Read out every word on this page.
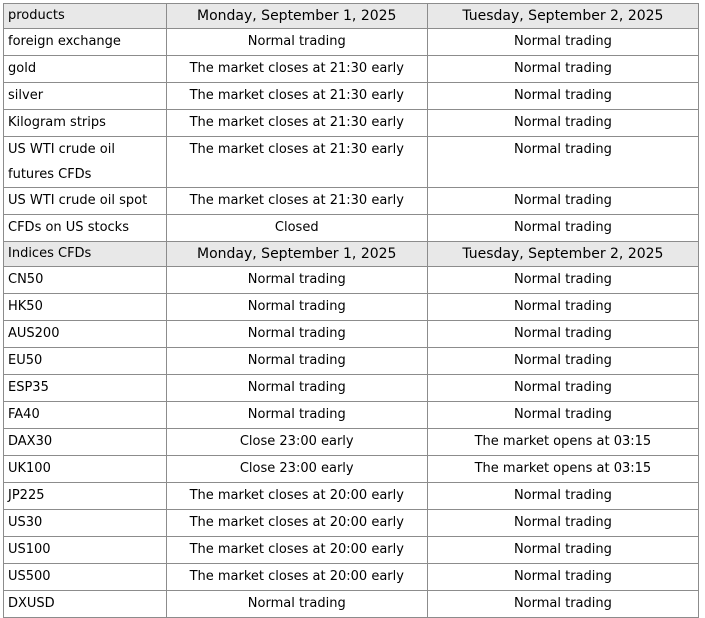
products	Monday, September 1, 2025	Tuesday, September 2, 2025
foreign exchange	Normal trading	Normal trading
gold	The market closes at 21:30 early	Normal trading
silver	The market closes at 21:30 early	Normal trading
Kilogram strips	The market closes at 21:30 early	Normal trading
US WTI crude oil futures CFDs	The market closes at 21:30 early	Normal trading
US WTI crude oil spot	The market closes at 21:30 early	Normal trading
CFDs on US stocks	Closed	Normal trading
Indices CFDs	Monday, September 1, 2025	Tuesday, September 2, 2025
CN50	Normal trading	Normal trading
HK50	Normal trading	Normal trading
AUS200	Normal trading	Normal trading
EU50	Normal trading	Normal trading
ESP35	Normal trading	Normal trading
FA40	Normal trading	Normal trading
DAX30	Close 23:00 early	The market opens at 03:15
UK100	Close 23:00 early	The market opens at 03:15
JP225	The market closes at 20:00 early	Normal trading
US30	The market closes at 20:00 early	Normal trading
US100	The market closes at 20:00 early	Normal trading
US500	The market closes at 20:00 early	Normal trading
DXUSD	Normal trading	Normal trading
